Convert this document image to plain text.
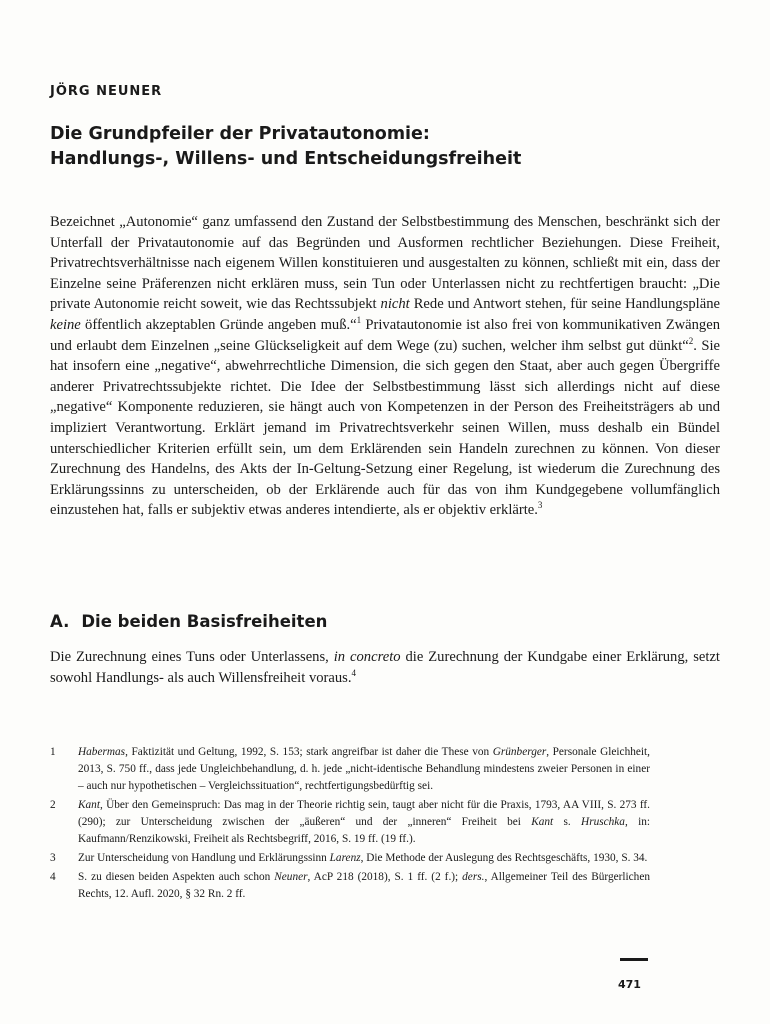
JÖRG NEUNER
Die Grundpfeiler der Privatautonomie:
Handlungs-, Willens- und Entscheidungsfreiheit

Bezeichnet „Autonomie“ ganz umfassend den Zustand der Selbstbestimmung des Menschen, beschränkt sich der Unterfall der Privatautonomie auf das Begründen und Ausformen rechtlicher Beziehungen. Diese Freiheit, Privatrechtsverhältnisse nach eigenem Willen konstituieren und ausgestalten zu können, schließt mit ein, dass der Einzelne seine Präferenzen nicht erklären muss, sein Tun oder Unterlassen nicht zu rechtfertigen braucht: „Die private Autonomie reicht soweit, wie das Rechtssubjekt nicht Rede und Antwort stehen, für seine Handlungspläne keine öffentlich akzeptablen Gründe angeben muß.“$^1$ Privatautonomie ist also frei von kommunikativen Zwängen und erlaubt dem Einzelnen „seine Glückseligkeit auf dem Wege (zu) suchen, welcher ihm selbst gut dünkt“$^2$. Sie hat insofern eine „negative“, abwehrrechtliche Dimension, die sich gegen den Staat, aber auch gegen Übergriffe anderer Privatrechtssubjekte richtet. Die Idee der Selbstbestimmung lässt sich allerdings nicht auf diese „negative“ Komponente reduzieren, sie hängt auch von Kompetenzen in der Person des Freiheitsträgers ab und impliziert Verantwortung. Erklärt jemand im Privatrechtsverkehr seinen Willen, muss deshalb ein Bündel unterschiedlicher Kriterien erfüllt sein, um dem Erklärenden sein Handeln zurechnen zu können. Von dieser Zurechnung des Handelns, des Akts der In-Geltung-Setzung einer Regelung, ist wiederum die Zurechnung des Erklärungssinns zu unterscheiden, ob der Erklärende auch für das von ihm Kundgegebene vollumfänglich einzustehen hat, falls er subjektiv etwas anderes intendierte, als er objektiv erklärte.$^3$

A. Die beiden Basisfreiheiten
Die Zurechnung eines Tuns oder Unterlassens, in concreto die Zurechnung der Kundgabe einer Erklärung, setzt sowohl Handlungs- als auch Willensfreiheit voraus.$^4$
1	Habermas, Faktizität und Geltung, 1992, S. 153; stark angreifbar ist daher die These von Grünberger, Personale Gleichheit, 2013, S. 750 ff., dass jede Ungleichbehandlung, d. h. jede „nicht-identische Behandlung mindestens zweier Personen in einer – auch nur hypothetischen – Vergleichssituation“, rechtfertigungsbedürftig sei.
2	Kant, Über den Gemeinspruch: Das mag in der Theorie richtig sein, taugt aber nicht für die Praxis, 1793, AA VIII, S. 273 ff. (290); zur Unterscheidung zwischen der „äußeren“ und der „inneren“ Freiheit bei Kant s. Hruschka, in: Kaufmann/Renzikowski, Freiheit als Rechtsbegriff, 2016, S. 19 ff. (19 ff.).
3	Zur Unterscheidung von Handlung und Erklärungssinn Larenz, Die Methode der Auslegung des Rechtsgeschäfts, 1930, S. 34.
4	S. zu diesen beiden Aspekten auch schon Neuner, AcP 218 (2018), S. 1 ff. (2 f.); ders., Allgemeiner Teil des Bürgerlichen Rechts, 12. Aufl. 2020, § 32 Rn. 2 ff.
471
